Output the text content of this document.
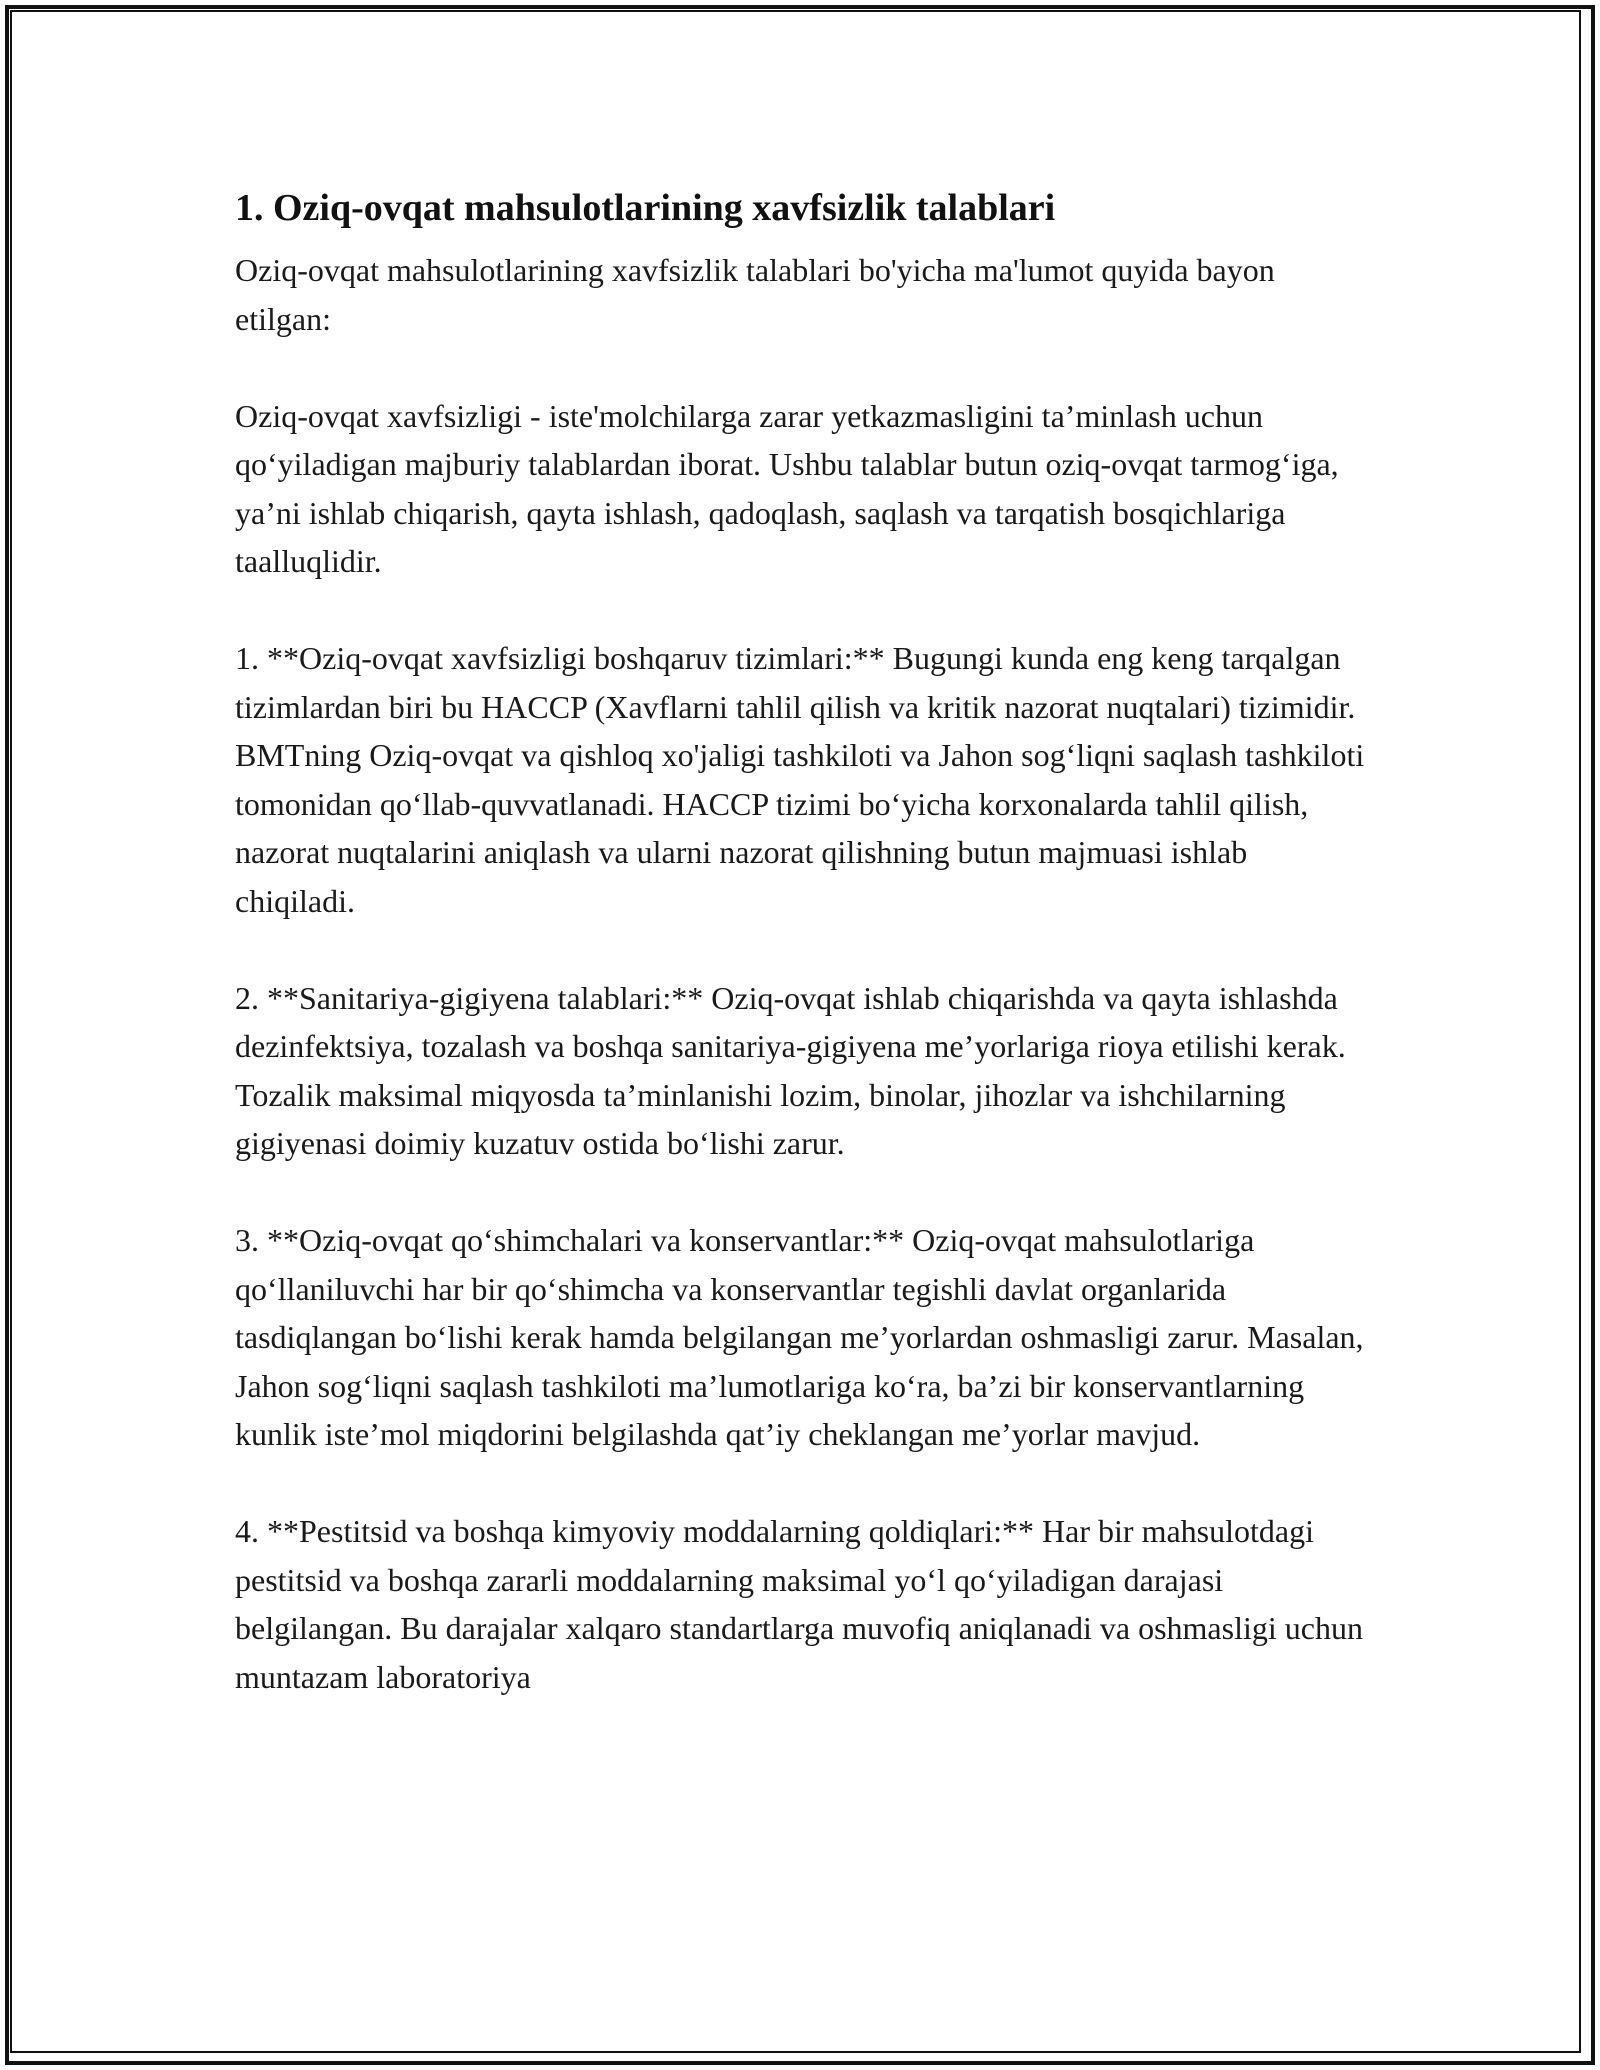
1. Oziq-ovqat mahsulotlarining xavfsizlik talablari

Oziq-ovqat mahsulotlarining xavfsizlik talablari bo'yicha ma'lumot quyida bayon etilgan:

Oziq-ovqat xavfsizligi - iste'molchilarga zarar yetkazmasligini ta’minlash uchun qo‘yiladigan majburiy talablardan iborat. Ushbu talablar butun oziq-ovqat tarmog‘iga, ya’ni ishlab chiqarish, qayta ishlash, qadoqlash, saqlash va tarqatish bosqichlariga taalluqlidir.

1. **Oziq-ovqat xavfsizligi boshqaruv tizimlari:** Bugungi kunda eng keng tarqalgan tizimlardan biri bu HACCP (Xavflarni tahlil qilish va kritik nazorat nuqtalari) tizimidir. BMTning Oziq-ovqat va qishloq xo'jaligi tashkiloti va Jahon sog‘liqni saqlash tashkiloti tomonidan qo‘llab-quvvatlanadi. HACCP tizimi bo‘yicha korxonalarda tahlil qilish, nazorat nuqtalarini aniqlash va ularni nazorat qilishning butun majmuasi ishlab chiqiladi.

2. **Sanitariya-gigiyena talablari:** Oziq-ovqat ishlab chiqarishda va qayta ishlashda dezinfektsiya, tozalash va boshqa sanitariya-gigiyena me’yorlariga rioya etilishi kerak. Tozalik maksimal miqyosda ta’minlanishi lozim, binolar, jihozlar va ishchilarning gigiyenasi doimiy kuzatuv ostida bo‘lishi zarur.

3. **Oziq-ovqat qo‘shimchalari va konservantlar:** Oziq-ovqat mahsulotlariga qo‘llaniluvchi har bir qo‘shimcha va konservantlar tegishli davlat organlarida tasdiqlangan bo‘lishi kerak hamda belgilangan me’yorlardan oshmasligi zarur. Masalan, Jahon sog‘liqni saqlash tashkiloti ma’lumotlariga ko‘ra, ba’zi bir konservantlarning kunlik iste’mol miqdorini belgilashda qat’iy cheklangan me’yorlar mavjud.

4. **Pestitsid va boshqa kimyoviy moddalarning qoldiqlari:** Har bir mahsulotdagi pestitsid va boshqa zararli moddalarning maksimal yo‘l qo‘yiladigan darajasi belgilangan. Bu darajalar xalqaro standartlarga muvofiq aniqlanadi va oshmasligi uchun muntazam laboratoriya
